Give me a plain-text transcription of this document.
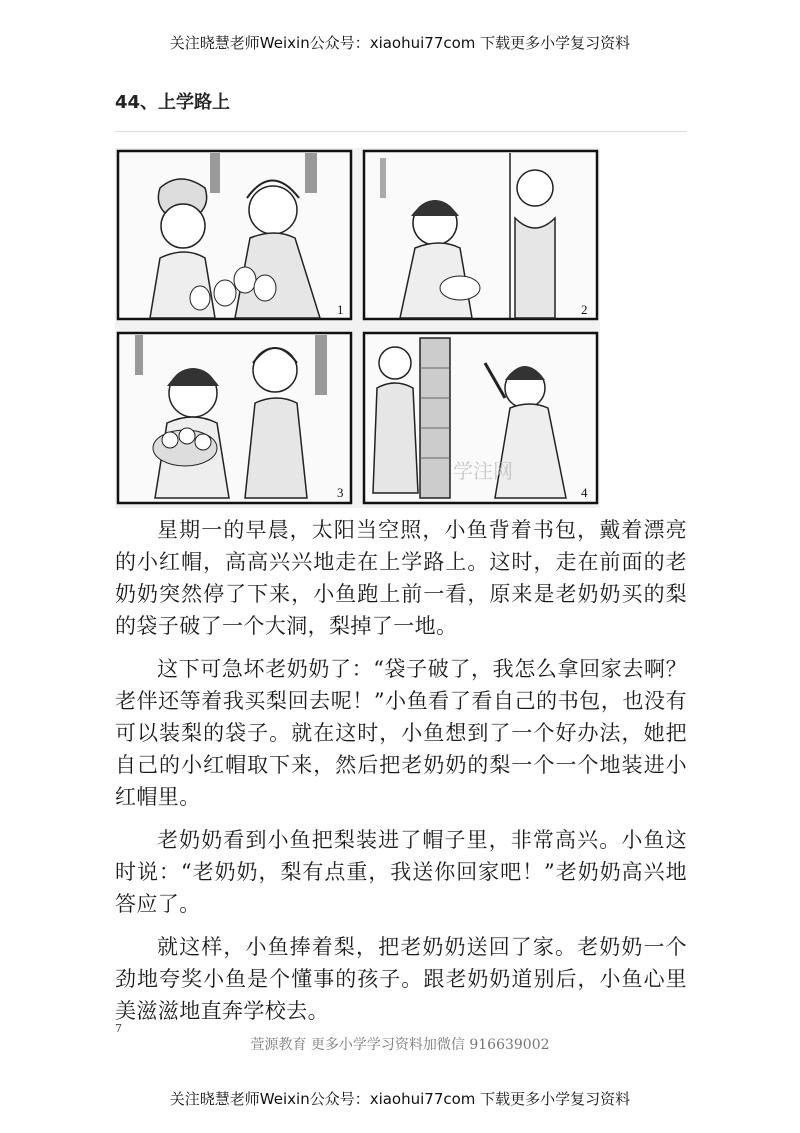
关注晓慧老师Weixin公众号：xiaohui77com 下载更多小学复习资料
44、上学路上
1	2
3
学注网
4

星期一的早晨，太阳当空照，小鱼背着书包，戴着漂亮的小红帽，高高兴兴地走在上学路上。这时，走在前面的老奶奶突然停了下来，小鱼跑上前一看，原来是老奶奶买的梨的袋子破了一个大洞，梨掉了一地。

这下可急坏老奶奶了：“袋子破了，我怎么拿回家去啊？老伴还等着我买梨回去呢！”小鱼看了看自己的书包，也没有可以装梨的袋子。就在这时，小鱼想到了一个好办法，她把自己的小红帽取下来，然后把老奶奶的梨一个一个地装进小红帽里。

老奶奶看到小鱼把梨装进了帽子里，非常高兴。小鱼这时说：“老奶奶，梨有点重，我送你回家吧！”老奶奶高兴地答应了。

就这样，小鱼捧着梨，把老奶奶送回了家。老奶奶一个劲地夸奖小鱼是个懂事的孩子。跟老奶奶道别后，小鱼心里美滋滋地直奔学校去。

7
萱源教育 更多小学学习资料加微信 916639002
关注晓慧老师Weixin公众号：xiaohui77com 下载更多小学复习资料
